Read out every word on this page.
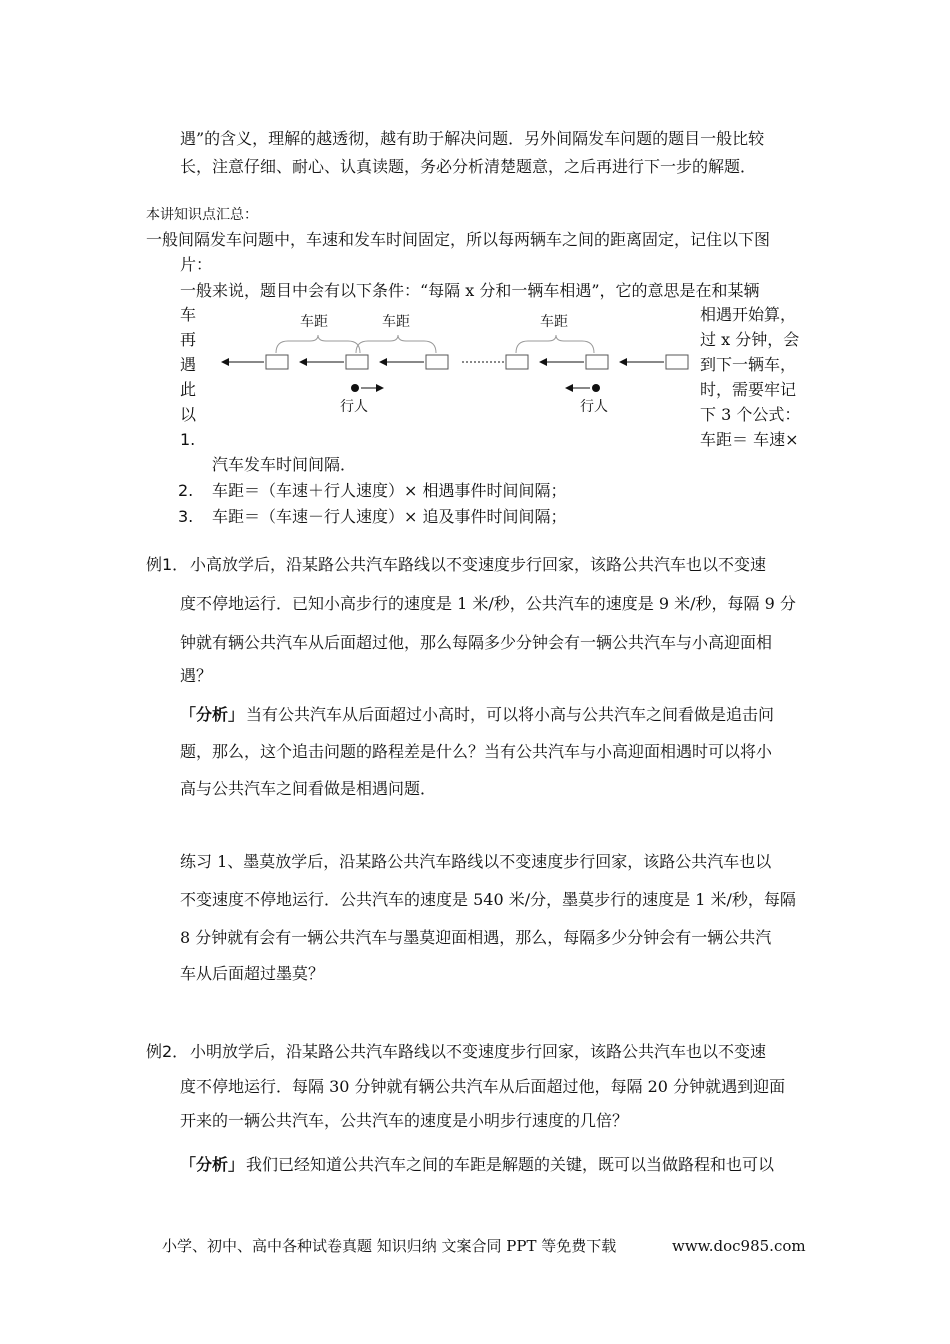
遇”的含义，理解的越透彻，越有助于解决问题．另外间隔发车问题的题目一般比较
长，注意仔细、耐心、认真读题，务必分析清楚题意，之后再进行下一步的解题．
本讲知识点汇总：
一般间隔发车问题中，车速和发车时间固定，所以每两辆车之间的距离固定，记住以下图
片：
一般来说，题目中会有以下条件：“每隔 x 分和一辆车相遇”，它的意思是在和某辆
车
再
遇
此
以
1.
相遇开始算，
过 x 分钟，会
到下一辆车，
时，需要牢记
下 3 个公式：
车距＝ 车速×
车距	车距	车距
行人	行人
汽车发车时间间隔．
2. 车距＝（车速＋行人速度）× 相遇事件时间间隔；
3. 车距＝（车速－行人速度）× 追及事件时间间隔；
例1． 小高放学后，沿某路公共汽车路线以不变速度步行回家，该路公共汽车也以不变速
度不停地运行．已知小高步行的速度是 1 米/秒，公共汽车的速度是 9 米/秒，每隔 9 分
钟就有辆公共汽车从后面超过他，那么每隔多少分钟会有一辆公共汽车与小高迎面相
遇？
「分析」 当有公共汽车从后面超过小高时，可以将小高与公共汽车之间看做是追击问
题，那么，这个追击问题的路程差是什么？当有公共汽车与小高迎面相遇时可以将小
高与公共汽车之间看做是相遇问题．
练习 1、墨莫放学后，沿某路公共汽车路线以不变速度步行回家，该路公共汽车也以
不变速度不停地运行．公共汽车的速度是 540 米/分，墨莫步行的速度是 1 米/秒，每隔
8 分钟就有会有一辆公共汽车与墨莫迎面相遇，那么，每隔多少分钟会有一辆公共汽
车从后面超过墨莫？
例2． 小明放学后，沿某路公共汽车路线以不变速度步行回家，该路公共汽车也以不变速
度不停地运行．每隔 30 分钟就有辆公共汽车从后面超过他，每隔 20 分钟就遇到迎面
开来的一辆公共汽车，公共汽车的速度是小明步行速度的几倍？
「分析」 我们已经知道公共汽车之间的车距是解题的关键，既可以当做路程和也可以
小学、初中、高中各种试卷真题 知识归纳 文案合同 PPT 等免费下载	www.doc985.com
